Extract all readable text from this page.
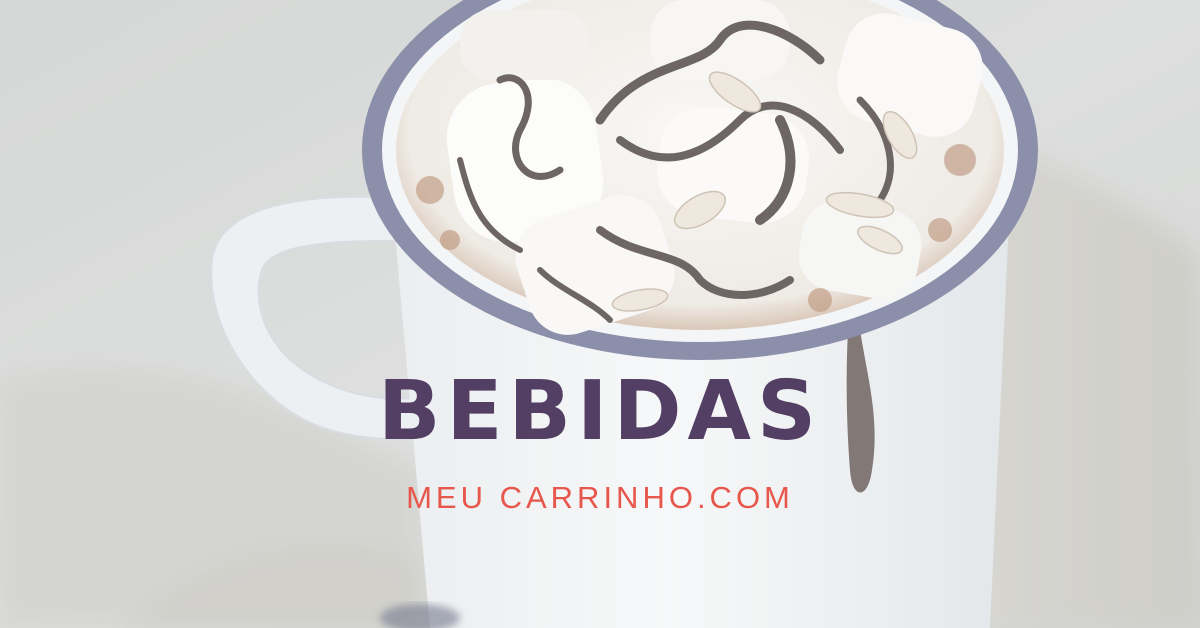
BEBIDAS

MEU CARRINHO.COM
